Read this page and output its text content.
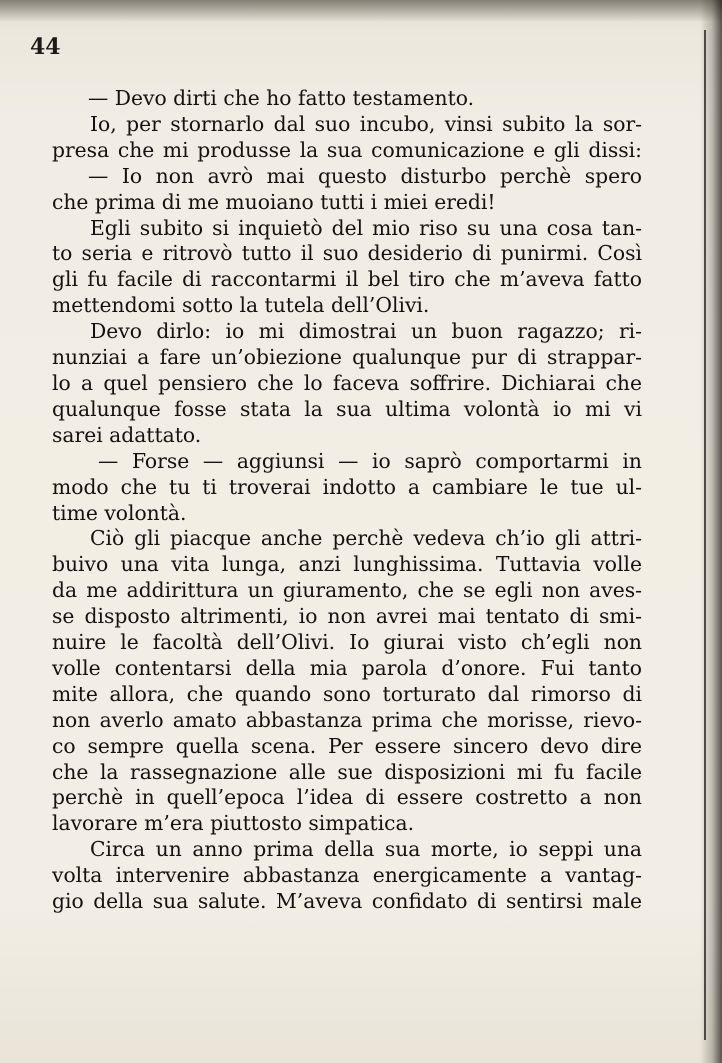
44
— Devo dirti che ho fatto testamento.
Io, per stornarlo dal suo incubo, vinsi subito la sor-
presa che mi produsse la sua comunicazione e gli dissi:
— Io non avrò mai questo disturbo perchè spero
che prima di me muoiano tutti i miei eredi!
Egli subito si inquietò del mio riso su una cosa tan-
to seria e ritrovò tutto il suo desiderio di punirmi. Così
gli fu facile di raccontarmi il bel tiro che m’aveva fatto
mettendomi sotto la tutela dell’Olivi.
Devo dirlo: io mi dimostrai un buon ragazzo; ri-
nunziai a fare un’obiezione qualunque pur di strappar-
lo a quel pensiero che lo faceva soffrire. Dichiarai che
qualunque fosse stata la sua ultima volontà io mi vi
sarei adattato.
— Forse — aggiunsi — io saprò comportarmi in
modo che tu ti troverai indotto a cambiare le tue ul-
time volontà.
Ciò gli piacque anche perchè vedeva ch’io gli attri-
buivo una vita lunga, anzi lunghissima. Tuttavia volle
da me addirittura un giuramento, che se egli non aves-
se disposto altrimenti, io non avrei mai tentato di smi-
nuire le facoltà dell’Olivi. Io giurai visto ch’egli non
volle contentarsi della mia parola d’onore. Fui tanto
mite allora, che quando sono torturato dal rimorso di
non averlo amato abbastanza prima che morisse, rievo-
co sempre quella scena. Per essere sincero devo dire
che la rassegnazione alle sue disposizioni mi fu facile
perchè in quell’epoca l’idea di essere costretto a non
lavorare m’era piuttosto simpatica.
Circa un anno prima della sua morte, io seppi una
volta intervenire abbastanza energicamente a vantag-
gio della sua salute. M’aveva confidato di sentirsi male
